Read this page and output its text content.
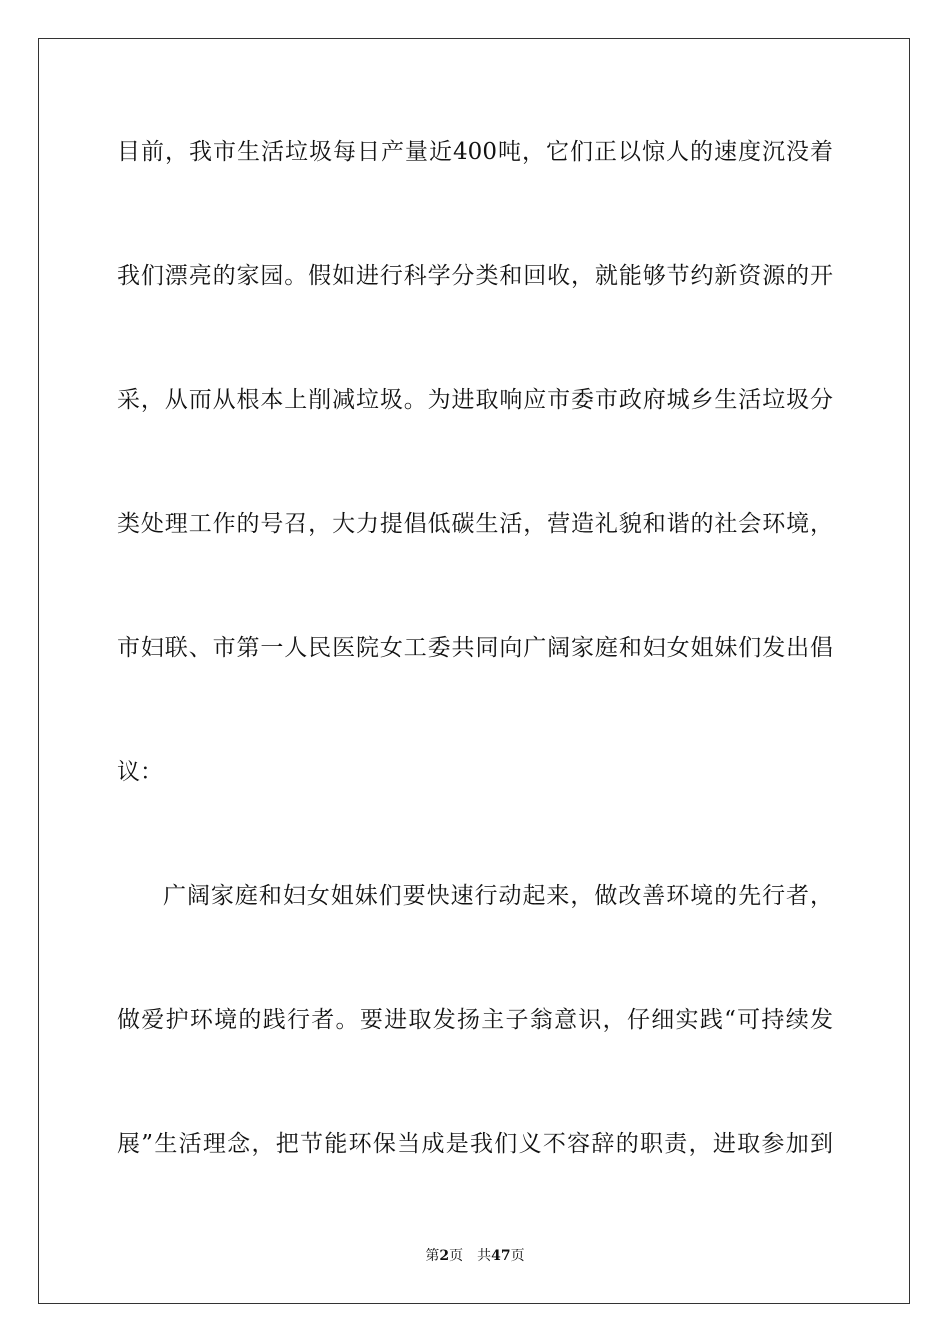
目前，我市生活垃圾每日产量近400吨，它们正以惊人的速度沉没着
我们漂亮的家园。假如进行科学分类和回收，就能够节约新资源的开
采，从而从根本上削减垃圾。为进取响应市委市政府城乡生活垃圾分
类处理工作的号召，大力提倡低碳生活，营造礼貌和谐的社会环境，
市妇联、市第一人民医院女工委共同向广阔家庭和妇女姐妹们发出倡
议：
广阔家庭和妇女姐妹们要快速行动起来，做改善环境的先行者，
做爱护环境的践行者。要进取发扬主子翁意识，仔细实践“可持续发
展”生活理念，把节能环保当成是我们义不容辞的职责，进取参加到
第2页 共47页
